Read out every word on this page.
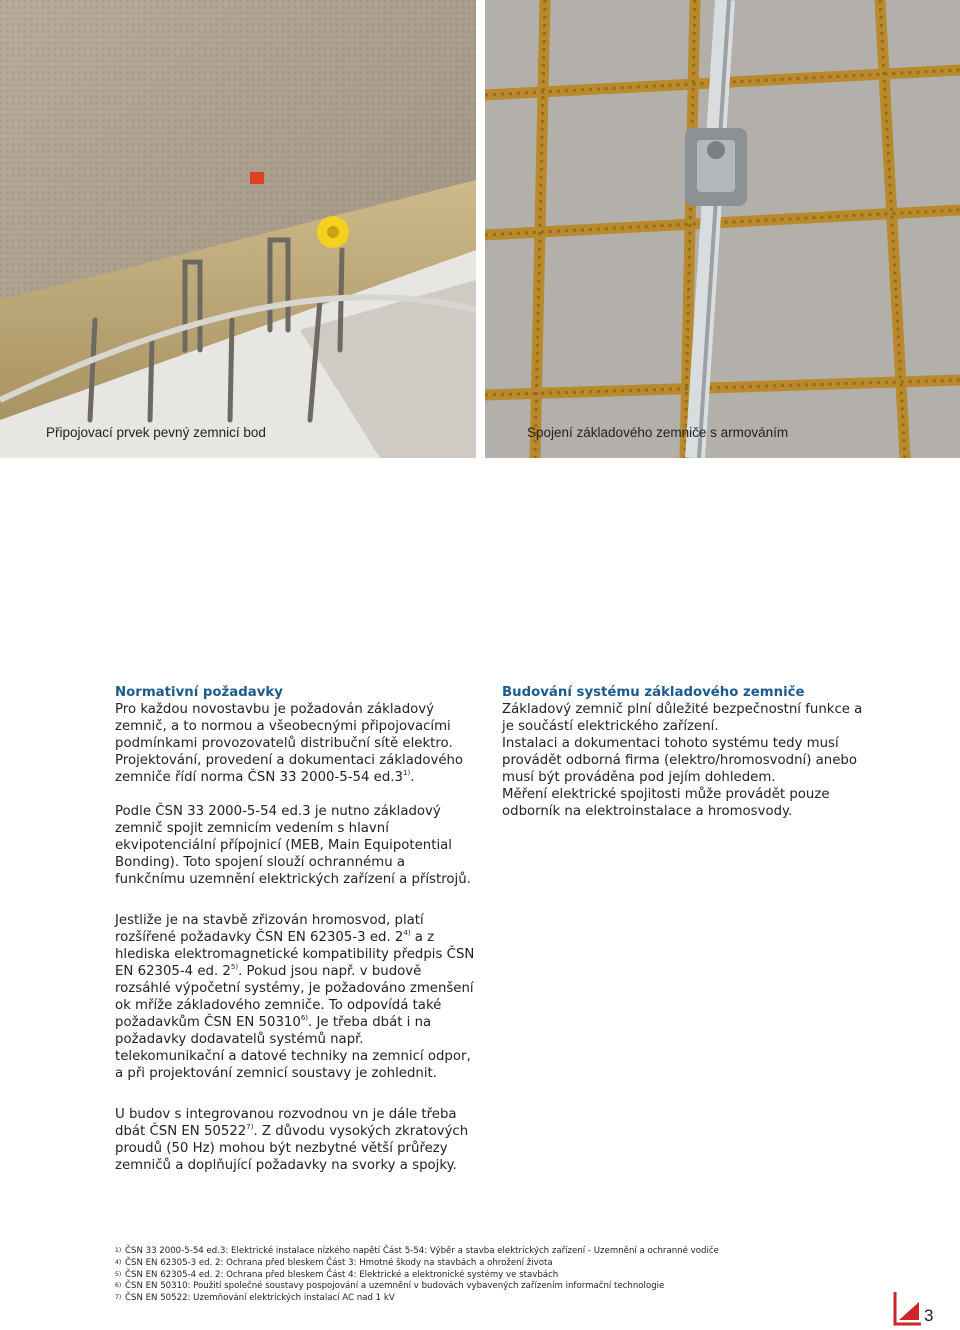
Připojovací prvek pevný zemnicí bod	Spojení základového zemniče s armováním
Normativní požadavky

Pro každou novostavbu je požadován základový zemnič, a to normou a všeobecnými připojovacími podmínkami provozovatelů distribuční sítě elektro. Projektování, provedení a dokumentaci základového zemniče řídí norma ČSN 33 2000-5-54 ed.3$^{1)}$.

Podle ČSN 33 2000-5-54 ed.3 je nutno základový zemnič spojit zemnicím vedením s hlavní ekvipotenciální přípojnicí (MEB, Main Equipotential Bonding). Toto spojení slouží ochrannému a funkčnímu uzemnění elektrických zařízení a přístrojů.

Jestliže je na stavbě zřizován hromosvod, platí rozšířené požadavky ČSN EN 62305-3 ed. 2$^{4)}$ a z hlediska elektromagnetické kompatibility předpis ČSN EN 62305-4 ed. 2$^{5)}$. Pokud jsou např. v budově rozsáhlé výpočetní systémy, je požadováno zmenšení ok mříže základového zemniče. To odpovídá také požadavkům ČSN EN 50310$^{6)}$. Je třeba dbát i na požadavky dodavatelů systémů např. telekomunikační a datové techniky na zemnicí odpor, a při projektování zemnicí soustavy je zohlednit.

U budov s integrovanou rozvodnou vn je dále třeba dbát ČSN EN 50522$^{7)}$. Z důvodu vysokých zkratových proudů (50 Hz) mohou být nezbytné větší průřezy zemničů a doplňující požadavky na svorky a spojky.

Budování systému základového zemniče

Základový zemnič plní důležité bezpečnostní funkce a je součástí elektrického zařízení.

Instalaci a dokumentaci tohoto systému tedy musí provádět odborná firma (elektro/hromosvodní) anebo musí být prováděna pod jejím dohledem.

Měření elektrické spojitosti může provádět pouze odborník na elektroinstalace a hromosvody.

1) ČSN 33 2000-5-54 ed.3: Elektrické instalace nízkého napětí Část 5-54: Výběr a stavba elektrických zařízení - Uzemnění a ochranné vodiče
4) ČSN EN 62305-3 ed. 2: Ochrana před bleskem Část 3: Hmotné škody na stavbách a ohrožení života
5) ČSN EN 62305-4 ed. 2: Ochrana před bleskem Část 4: Elektrické a elektronické systémy ve stavbách
6) ČSN EN 50310: Použití společné soustavy pospojování a uzemnění v budovách vybavených zařízením informační technologie
7) ČSN EN 50522: Uzemňování elektrických instalací AC nad 1 kV
3
